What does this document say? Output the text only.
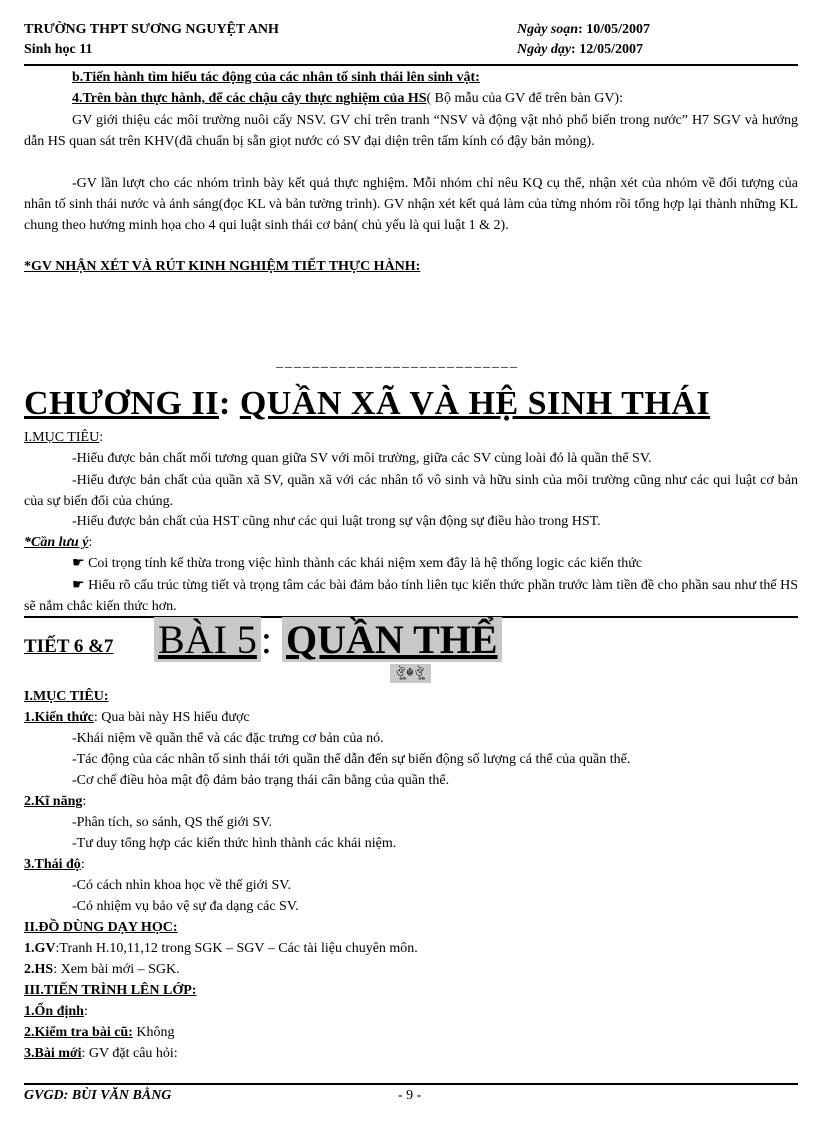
TRƯỜNG THPT SƯƠNG NGUYỆT ANH
Sinh học 11
Ngày soạn: 10/05/2007
Ngày dạy: 12/05/2007
b.Tiến hành tìm hiểu tác động của các nhân tố sinh thái lên sinh vật:
4.Trên bàn thực hành, để các chậu cây thực nghiệm của HS( Bộ mẫu của GV để trên bàn GV):
GV giới thiệu các môi trường nuôi cấy NSV. GV chỉ trên tranh “NSV và động vật nhỏ phổ biến trong nước” H7 SGV và hướng dẫn HS quan sát trên KHV(đã chuẩn bị sẵn giọt nước có SV đại diện trên tấm kính có đậy bản mỏng).
-GV lần lượt cho các nhóm trình bày kết quả thực nghiệm. Mỗi nhóm chỉ nêu KQ cụ thể, nhận xét của nhóm về đối tượng của nhân tố sinh thái nước và ánh sáng(đọc KL và bản tường trình). GV nhận xét kết quả làm của từng nhóm rồi tổng hợp lại thành những KL chung theo hướng minh họa cho 4 qui luật sinh thái cơ bản( chủ yếu là qui luật 1 & 2).
*GV NHẬN XÉT VÀ RÚT KINH NGHIỆM TIẾT THỰC HÀNH:
___________________________
CHƯƠNG II: QUẦN XÃ VÀ HỆ SINH THÁI
I.MỤC TIÊU:
-Hiểu được bản chất mối tương quan giữa SV với môi trường, giữa các SV cùng loài đó là quần thể SV.
-Hiểu được bản chất của quần xã SV, quần xã với các nhân tố vô sinh và hữu sinh của môi trường cũng như các qui luật cơ bản của sự biến đổi của chúng.
-Hiểu được bản chất của HST cũng như các qui luật trong sự vận động sự điều hào trong HST.
*Cần lưu ý:
☛ Coi trọng tính kế thừa trong việc hình thành các khái niệm xem đây là hệ thống logic các kiến thức
☛ Hiểu rõ cấu trúc từng tiết và trọng tâm các bài đảm bảo tính liên tục kiến thức phần trước làm tiền đề cho phần sau như thế HS sẽ nắm chắc kiến thức hơn.
TIẾT 6 &7 BÀI 5 : QUẦN THỂ
ঔৣ☬ঔৣ
I.MỤC TIÊU:
1.Kiến thức: Qua bài này HS hiểu được
-Khái niệm về quần thể và các đặc trưng cơ bản của nó.
-Tác động của các nhân tố sinh thái tới quần thể dẫn đến sự biến động số lượng cá thể của quần thể.
-Cơ chế điều hòa mật độ đảm bảo trạng thái cân bằng của quần thể.
2.Kĩ năng:
-Phân tích, so sánh, QS thế giới SV.
-Tư duy tổng hợp các kiến thức hình thành các khái niệm.
3.Thái độ:
-Có cách nhìn khoa học về thế giới SV.
-Có nhiệm vụ bảo vệ sự đa dạng các SV.
II.ĐỒ DÙNG DẠY HỌC:
1.GV:Tranh H.10,11,12 trong SGK – SGV – Các tài liệu chuyên môn.
2.HS: Xem bài mới – SGK.
III.TIẾN TRÌNH LÊN LỚP:
1.Ổn định:
2.Kiểm tra bài cũ: Không
3.Bài mới: GV đặt câu hỏi:
GVGD: BÙI VĂN BẰNG	- 9 -
